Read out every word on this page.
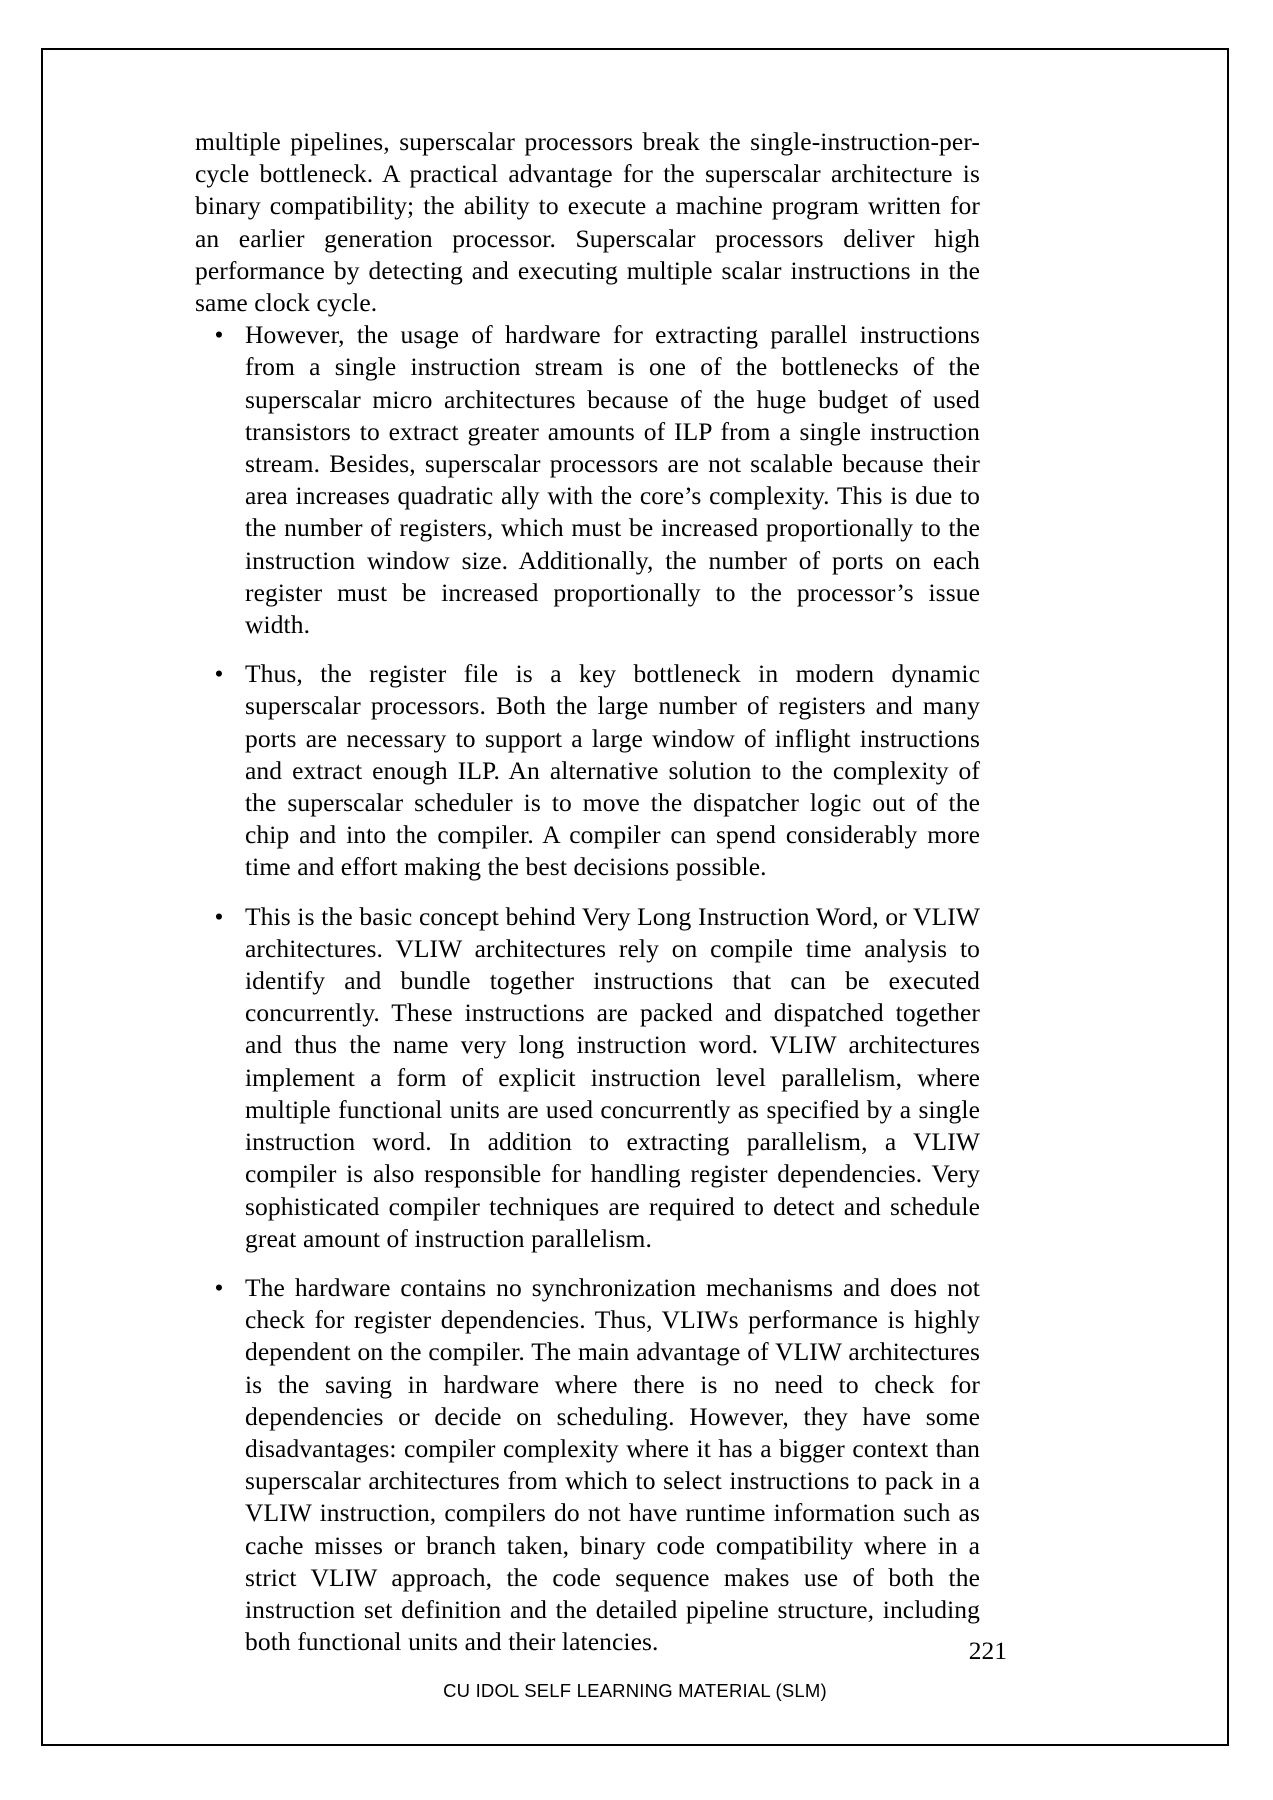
multiple pipelines, superscalar processors break the single-instruction-per-cycle bottleneck. A practical advantage for the superscalar architecture is binary compatibility; the ability to execute a machine program written for an earlier generation processor. Superscalar processors deliver high performance by detecting and executing multiple scalar instructions in the same clock cycle.

• However, the usage of hardware for extracting parallel instructions from a single instruction stream is one of the bottlenecks of the superscalar micro architectures because of the huge budget of used transistors to extract greater amounts of ILP from a single instruction stream. Besides, superscalar processors are not scalable because their area increases quadratic ally with the core’s complexity. This is due to the number of registers, which must be increased proportionally to the instruction window size. Additionally, the number of ports on each register must be increased proportionally to the processor’s issue width.

• Thus, the register file is a key bottleneck in modern dynamic superscalar processors. Both the large number of registers and many ports are necessary to support a large window of inflight instructions and extract enough ILP. An alternative solution to the complexity of the superscalar scheduler is to move the dispatcher logic out of the chip and into the compiler. A compiler can spend considerably more time and effort making the best decisions possible.

• This is the basic concept behind Very Long Instruction Word, or VLIW architectures. VLIW architectures rely on compile time analysis to identify and bundle together instructions that can be executed concurrently. These instructions are packed and dispatched together and thus the name very long instruction word. VLIW architectures implement a form of explicit instruction level parallelism, where multiple functional units are used concurrently as specified by a single instruction word. In addition to extracting parallelism, a VLIW compiler is also responsible for handling register dependencies. Very sophisticated compiler techniques are required to detect and schedule great amount of instruction parallelism.

• The hardware contains no synchronization mechanisms and does not check for register dependencies. Thus, VLIWs performance is highly dependent on the compiler. The main advantage of VLIW architectures is the saving in hardware where there is no need to check for dependencies or decide on scheduling. However, they have some disadvantages: compiler complexity where it has a bigger context than superscalar architectures from which to select instructions to pack in a VLIW instruction, compilers do not have runtime information such as cache misses or branch taken, binary code compatibility where in a strict VLIW approach, the code sequence makes use of both the instruction set definition and the detailed pipeline structure, including both functional units and their latencies.	221
CU IDOL SELF LEARNING MATERIAL (SLM)
